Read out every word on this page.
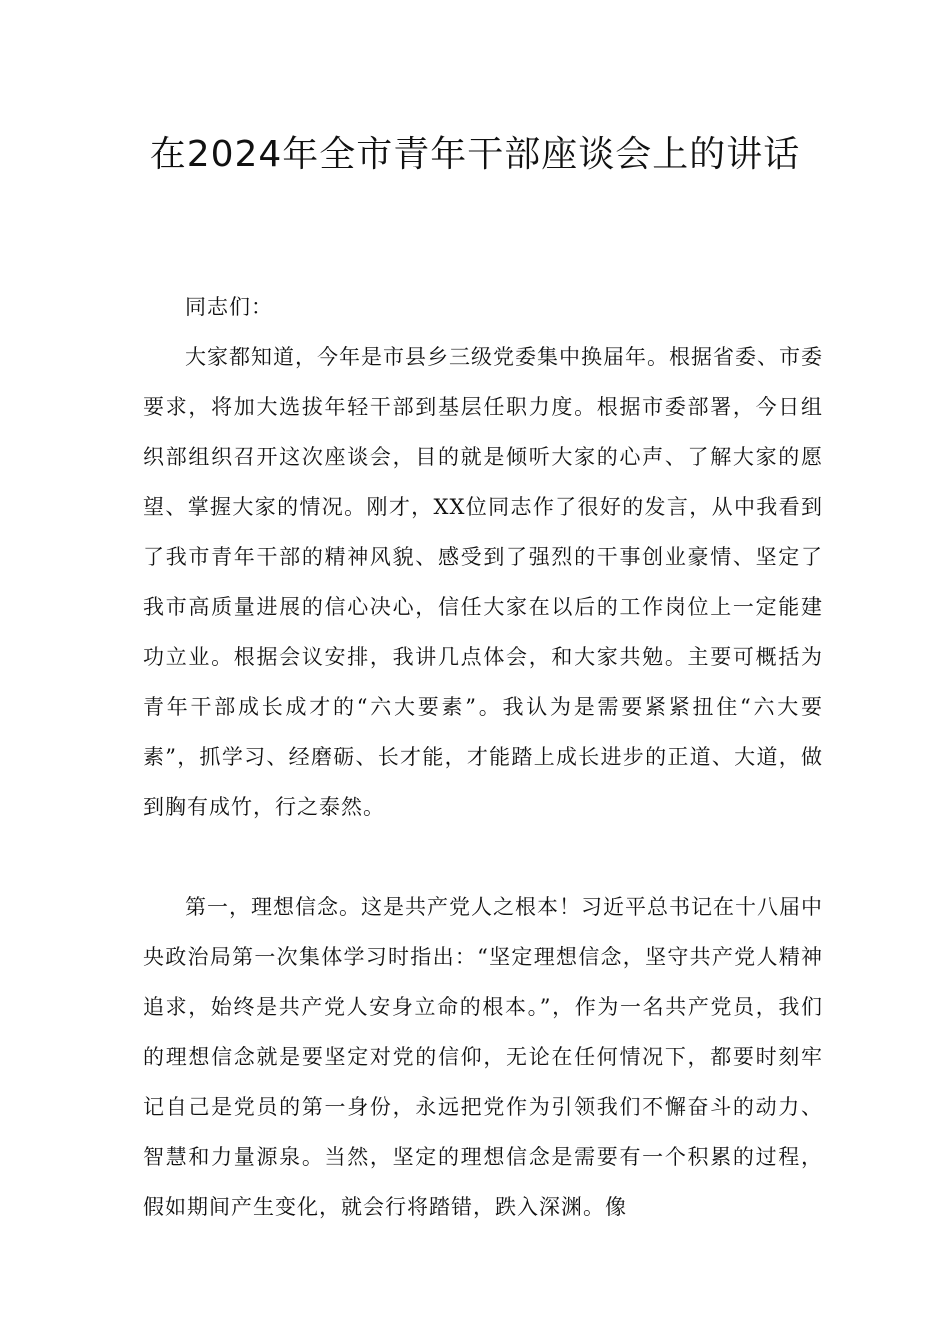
在2024年全市青年干部座谈会上的讲话

同志们：

大家都知道，今年是市县乡三级党委集中换届年。根据省委、市委要求，将加大选拔年轻干部到基层任职力度。根据市委部署，今日组织部组织召开这次座谈会，目的就是倾听大家的心声、了解大家的愿望、掌握大家的情况。刚才，XX位同志作了很好的发言，从中我看到了我市青年干部的精神风貌、感受到了强烈的干事创业豪情、坚定了我市高质量进展的信心决心，信任大家在以后的工作岗位上一定能建功立业。根据会议安排，我讲几点体会，和大家共勉。主要可概括为青年干部成长成才的“六大要素”。我认为是需要紧紧扭住“六大要素”，抓学习、经磨砺、长才能，才能踏上成长进步的正道、大道，做到胸有成竹，行之泰然。

第一，理想信念。这是共产党人之根本！习近平总书记在十八届中央政治局第一次集体学习时指出：“坚定理想信念，坚守共产党人精神追求，始终是共产党人安身立命的根本。”，作为一名共产党员，我们的理想信念就是要坚定对党的信仰，无论在任何情况下，都要时刻牢记自己是党员的第一身份，永远把党作为引领我们不懈奋斗的动力、智慧和力量源泉。当然，坚定的理想信念是需要有一个积累的过程，假如期间产生变化，就会行将踏错，跌入深渊。像
